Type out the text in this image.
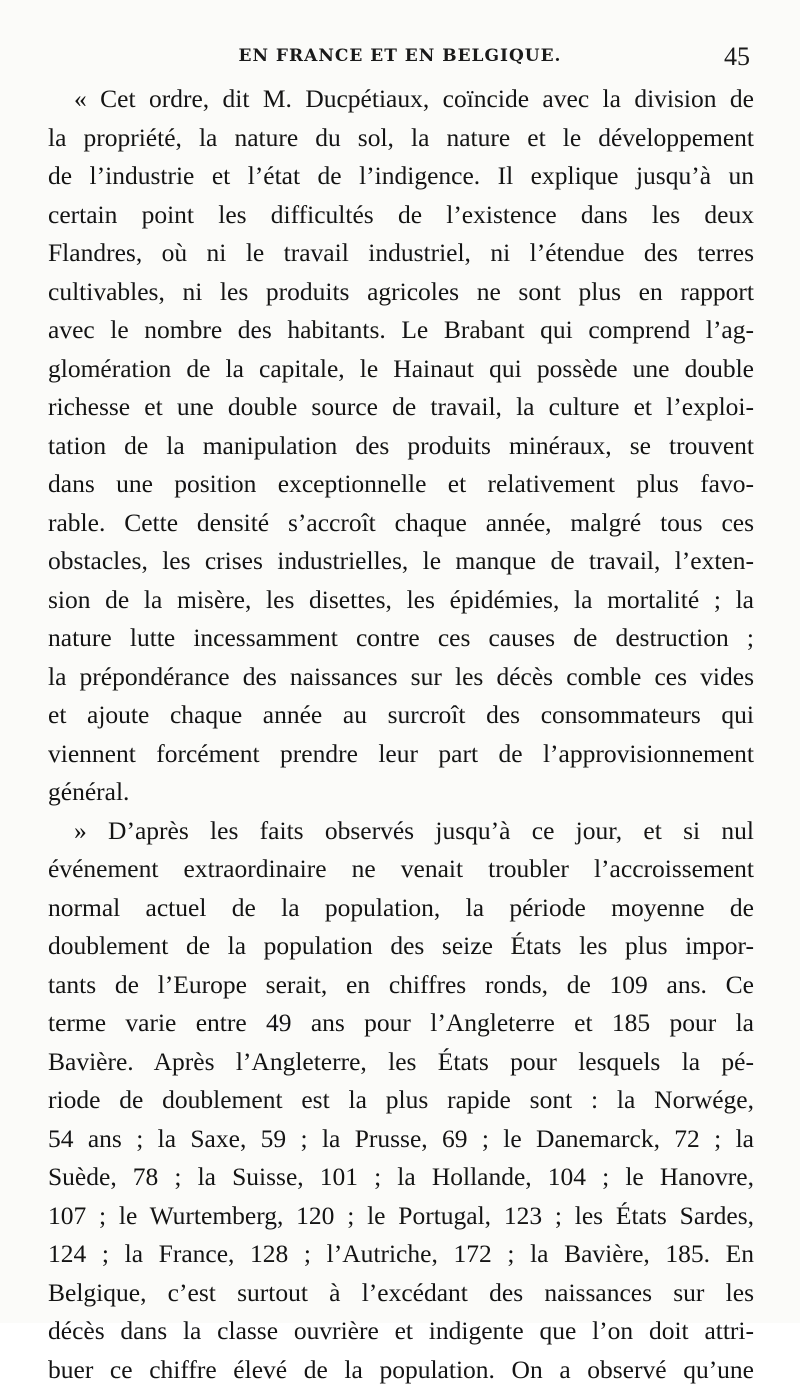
EN FRANCE ET EN BELGIQUE.	45
« Cet ordre, dit M. Ducpétiaux, coïncide avec la division de
la propriété, la nature du sol, la nature et le développement
de l’industrie et l’état de l’indigence. Il explique jusqu’à un
certain point les difficultés de l’existence dans les deux
Flandres, où ni le travail industriel, ni l’étendue des terres
cultivables, ni les produits agricoles ne sont plus en rapport
avec le nombre des habitants. Le Brabant qui comprend l’ag-
glomération de la capitale, le Hainaut qui possède une double
richesse et une double source de travail, la culture et l’exploi-
tation de la manipulation des produits minéraux, se trouvent
dans une position exceptionnelle et relativement plus favo-
rable. Cette densité s’accroît chaque année, malgré tous ces
obstacles, les crises industrielles, le manque de travail, l’exten-
sion de la misère, les disettes, les épidémies, la mortalité ; la
nature lutte incessamment contre ces causes de destruction ;
la prépondérance des naissances sur les décès comble ces vides
et ajoute chaque année au surcroît des consommateurs qui
viennent forcément prendre leur part de l’approvisionnement
général.
» D’après les faits observés jusqu’à ce jour, et si nul
événement extraordinaire ne venait troubler l’accroissement
normal actuel de la population, la période moyenne de
doublement de la population des seize États les plus impor-
tants de l’Europe serait, en chiffres ronds, de 109 ans. Ce
terme varie entre 49 ans pour l’Angleterre et 185 pour la
Bavière. Après l’Angleterre, les États pour lesquels la pé-
riode de doublement est la plus rapide sont : la Norwége,
54 ans ; la Saxe, 59 ; la Prusse, 69 ; le Danemarck, 72 ; la
Suède, 78 ; la Suisse, 101 ; la Hollande, 104 ; le Hanovre,
107 ; le Wurtemberg, 120 ; le Portugal, 123 ; les États Sardes,
124 ; la France, 128 ; l’Autriche, 172 ; la Bavière, 185. En
Belgique, c’est surtout à l’excédant des naissances sur les
décès dans la classe ouvrière et indigente que l’on doit attri-
buer ce chiffre élevé de la population. On a observé qu’une
